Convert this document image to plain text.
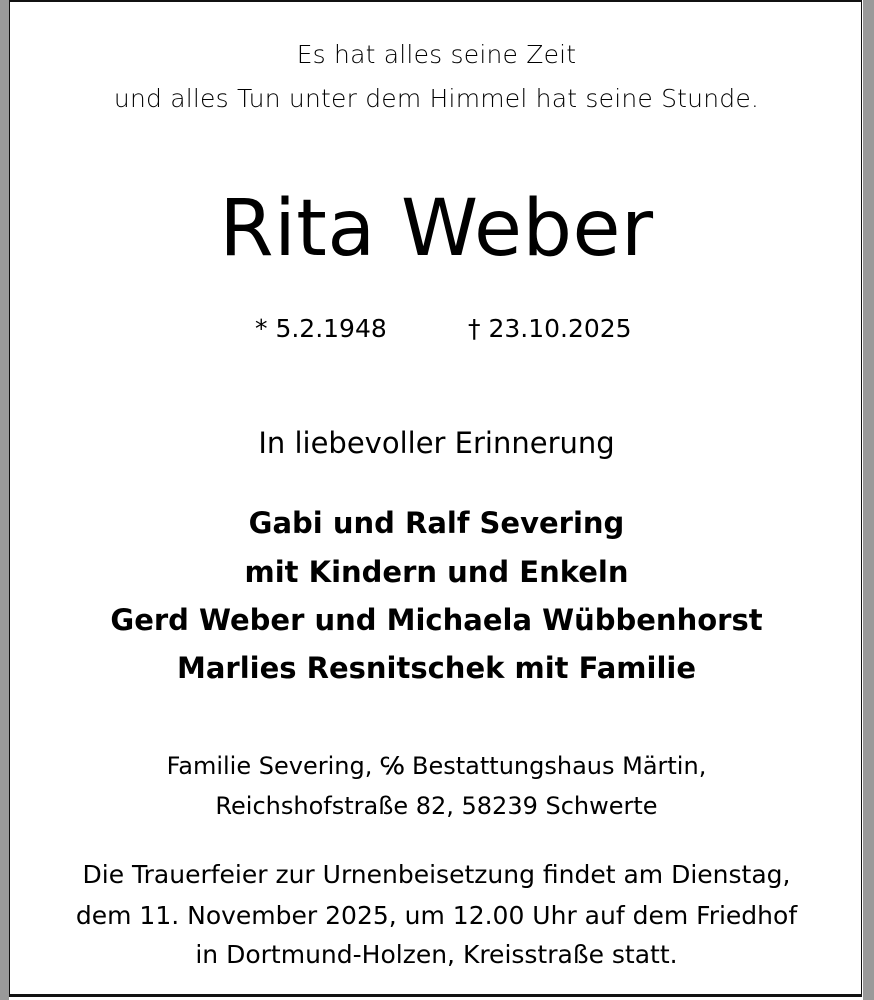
Es hat alles seine Zeit
und alles Tun unter dem Himmel hat seine Stunde.
Rita Weber
* 5.2.1948	† 23.10.2025
In liebevoller Erinnerung
Gabi und Ralf Severing
mit Kindern und Enkeln
Gerd Weber und Michaela Wübbenhorst
Marlies Resnitschek mit Familie
Familie Severing, ℅ Bestattungshaus Märtin,
Reichshofstraße 82, 58239 Schwerte
Die Trauerfeier zur Urnenbeisetzung findet am Dienstag,
dem 11. November 2025, um 12.00 Uhr auf dem Friedhof
in Dortmund-Holzen, Kreisstraße statt.
